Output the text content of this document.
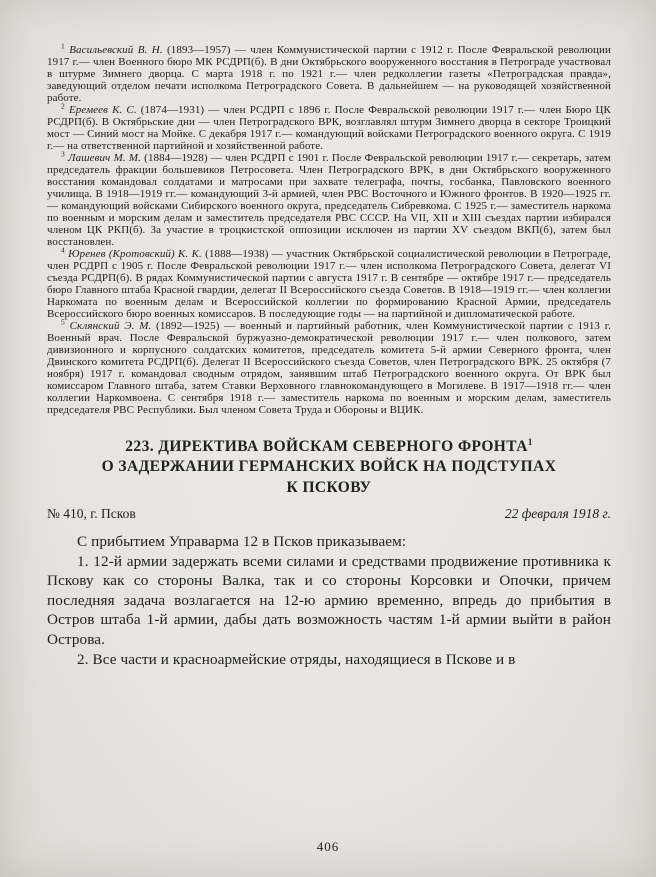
$^1$ Васильевский В. Н. (1893—1957) — член Коммунистической партии с 1912 г. После Февральской революции 1917 г.— член Военного бюро МК РСДРП(б). В дни Октябрьского вооруженного восстания в Петрограде участвовал в штурме Зимнего дворца. С марта 1918 г. по 1921 г.— член редколлегии газеты «Петроградская правда», заведующий отделом печати исполкома Петроградского Совета. В дальнейшем — на руководящей хозяйственной работе.

$^2$ Еремеев К. С. (1874—1931) — член РСДРП с 1896 г. После Февральской революции 1917 г.— член Бюро ЦК РСДРП(б). В Октябрьские дни — член Петроградского ВРК, возглавлял штурм Зимнего дворца в секторе Троицкий мост — Синий мост на Мойке. С декабря 1917 г.— командующий войсками Петроградского военного округа. С 1919 г.— на ответственной партийной и хозяйственной работе.

$^3$ Лашевич М. М. (1884—1928) — член РСДРП с 1901 г. После Февральской революции 1917 г.— секретарь, затем председатель фракции большевиков Петросовета. Член Петроградского ВРК, в дни Октябрьского вооруженного восстания командовал солдатами и матросами при захвате телеграфа, почты, госбанка, Павловского военного училища. В 1918—1919 гг.— командующий 3-й армией, член РВС Восточного и Южного фронтов. В 1920—1925 гг.— командующий войсками Сибирского военного округа, председатель Сибревкома. С 1925 г.— заместитель наркома по военным и морским делам и заместитель председателя РВС СССР. На VII, XII и XIII съездах партии избирался членом ЦК РКП(б). За участие в троцкистской оппозиции исключен из партии XV съездом ВКП(б), затем был восстановлен.

$^4$ Юренев (Кротовский) К. К. (1888—1938) — участник Октябрьской социалистической революции в Петрограде, член РСДРП с 1905 г. После Февральской революции 1917 г.— член исполкома Петроградского Совета, делегат VI съезда РСДРП(б). В рядах Коммунистической партии с августа 1917 г. В сентябре — октябре 1917 г.— председатель бюро Главного штаба Красной гвардии, делегат II Всероссийского съезда Советов. В 1918—1919 гг.— член коллегии Наркомата по военным делам и Всероссийской коллегии по формированию Красной Армии, председатель Всероссийского бюро военных комиссаров. В последующие годы — на партийной и дипломатической работе.

$^5$ Склянский Э. М. (1892—1925) — военный и партийный работник, член Коммунистической партии с 1913 г. Военный врач. После Февральской буржуазно-демократической революции 1917 г.— член полкового, затем дивизионного и корпусного солдатских комитетов, председатель комитета 5-й армии Северного фронта, член Двинского комитета РСДРП(б). Делегат II Всероссийского съезда Советов, член Петроградского ВРК. 25 октября (7 ноября) 1917 г. командовал сводным отрядом, занявшим штаб Петроградского военного округа. От ВРК был комиссаром Главного штаба, затем Ставки Верховного главнокомандующего в Могилеве. В 1917—1918 гг.— член коллегии Наркомвоена. С сентября 1918 г.— заместитель наркома по военным и морским делам, заместитель председателя РВС Республики. Был членом Совета Труда и Обороны и ВЦИК.

223. ДИРЕКТИВА ВОЙСКАМ СЕВЕРНОГО ФРОНТА$^1$
О ЗАДЕРЖАНИИ ГЕРМАНСКИХ ВОЙСК НА ПОДСТУПАХ
К ПСКОВУ
№ 410, г. Псков	22 февраля 1918 г.

С прибытием Управарма 12 в Псков приказываем:

1. 12-й армии задержать всеми силами и средствами продвижение противника к Пскову как со стороны Валка, так и со стороны Корсовки и Опочки, причем последняя задача возлагается на 12-ю армию временно, впредь до прибытия в Остров штаба 1-й армии, дабы дать возможность частям 1-й армии выйти в район Острова.

2. Все части и красноармейские отряды, находящиеся в Пскове и в

406
